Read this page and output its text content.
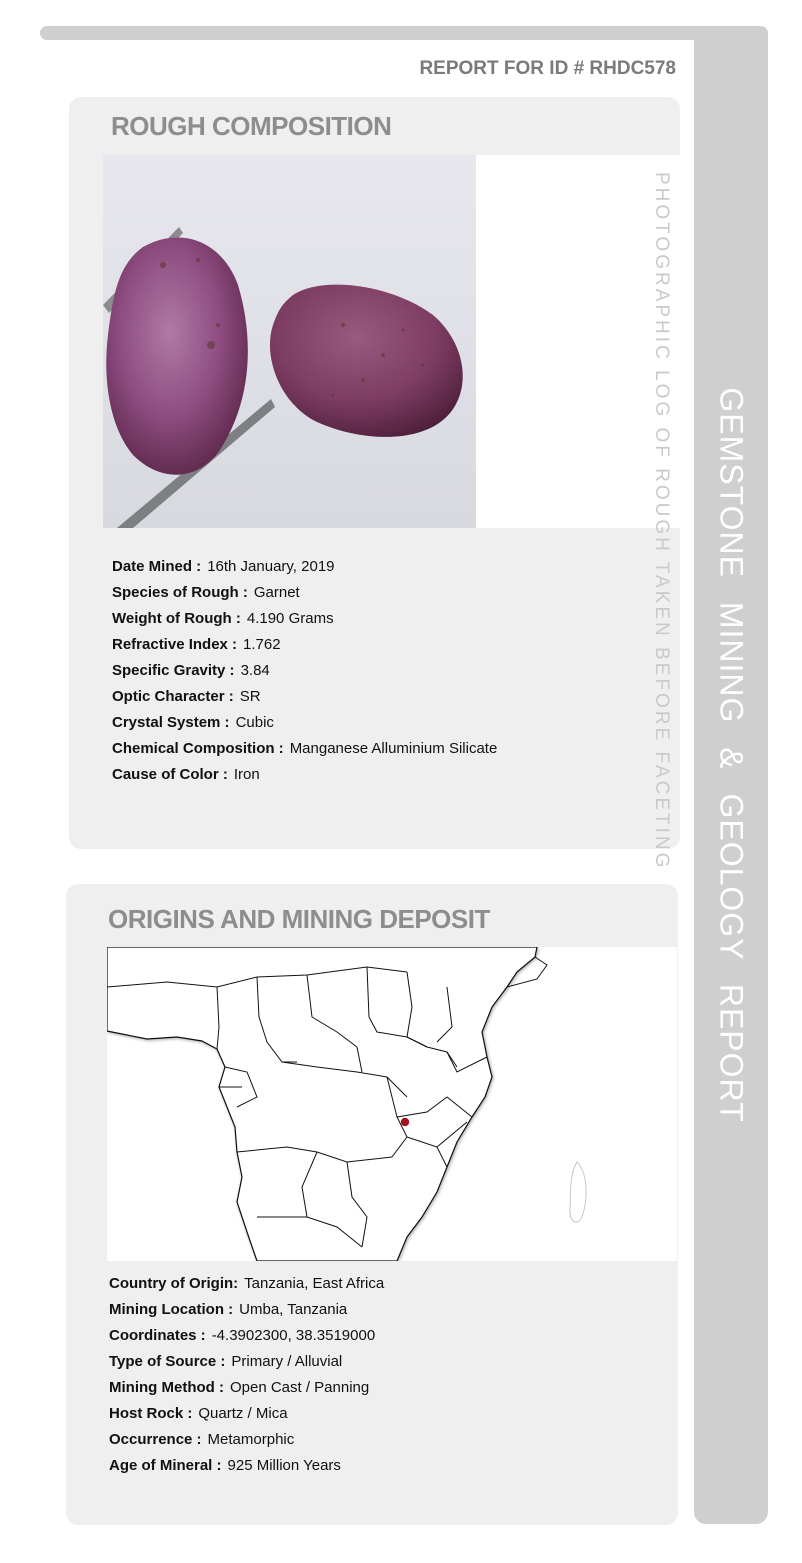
GEMSTONE MINING & GEOLOGY REPORT
REPORT FOR ID # RHDC578
ROUGH COMPOSITION
Date Mined : 16th January, 2019
Species of Rough : Garnet
Weight of Rough : 4.190 Grams
Refractive Index : 1.762
Specific Gravity : 3.84
Optic Character : SR
Crystal System : Cubic
Chemical Composition : Manganese Alluminium Silicate
Cause of Color : Iron	PHOTOGRAPHIC LOG OF ROUGH TAKEN BEFORE FACETING
ORIGINS AND MINING DEPOSIT
Country of Origin: Tanzania, East Africa
Mining Location : Umba, Tanzania
Coordinates : -4.3902300, 38.3519000
Type of Source : Primary / Alluvial
Mining Method : Open Cast / Panning
Host Rock : Quartz / Mica
Occurrence : Metamorphic
Age of Mineral : 925 Million Years
